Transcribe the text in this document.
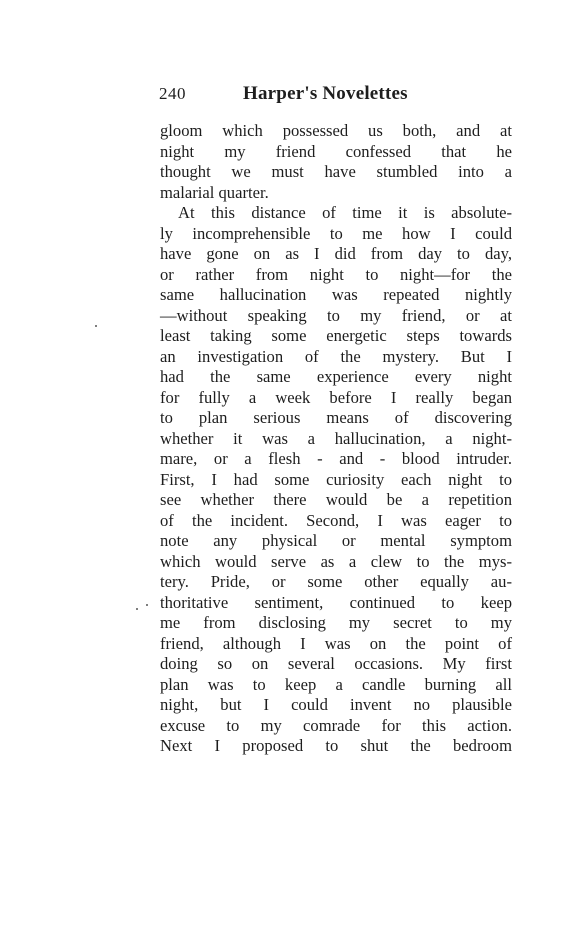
240	Harper's Novelettes
gloom which possessed us both, and at
night my friend confessed that he
thought we must have stumbled into a
malarial quarter.
At this distance of time it is absolute-
ly incomprehensible to me how I could
have gone on as I did from day to day,
or rather from night to night—for the
same hallucination was repeated nightly
—without speaking to my friend, or at
least taking some energetic steps towards
an investigation of the mystery. But I
had the same experience every night
for fully a week before I really began
to plan serious means of discovering
whether it was a hallucination, a night-
mare, or a flesh - and - blood intruder.
First, I had some curiosity each night to
see whether there would be a repetition
of the incident. Second, I was eager to
note any physical or mental symptom
which would serve as a clew to the mys-
tery. Pride, or some other equally au-
thoritative sentiment, continued to keep
me from disclosing my secret to my
friend, although I was on the point of
doing so on several occasions. My first
plan was to keep a candle burning all
night, but I could invent no plausible
excuse to my comrade for this action.
Next I proposed to shut the bedroom
